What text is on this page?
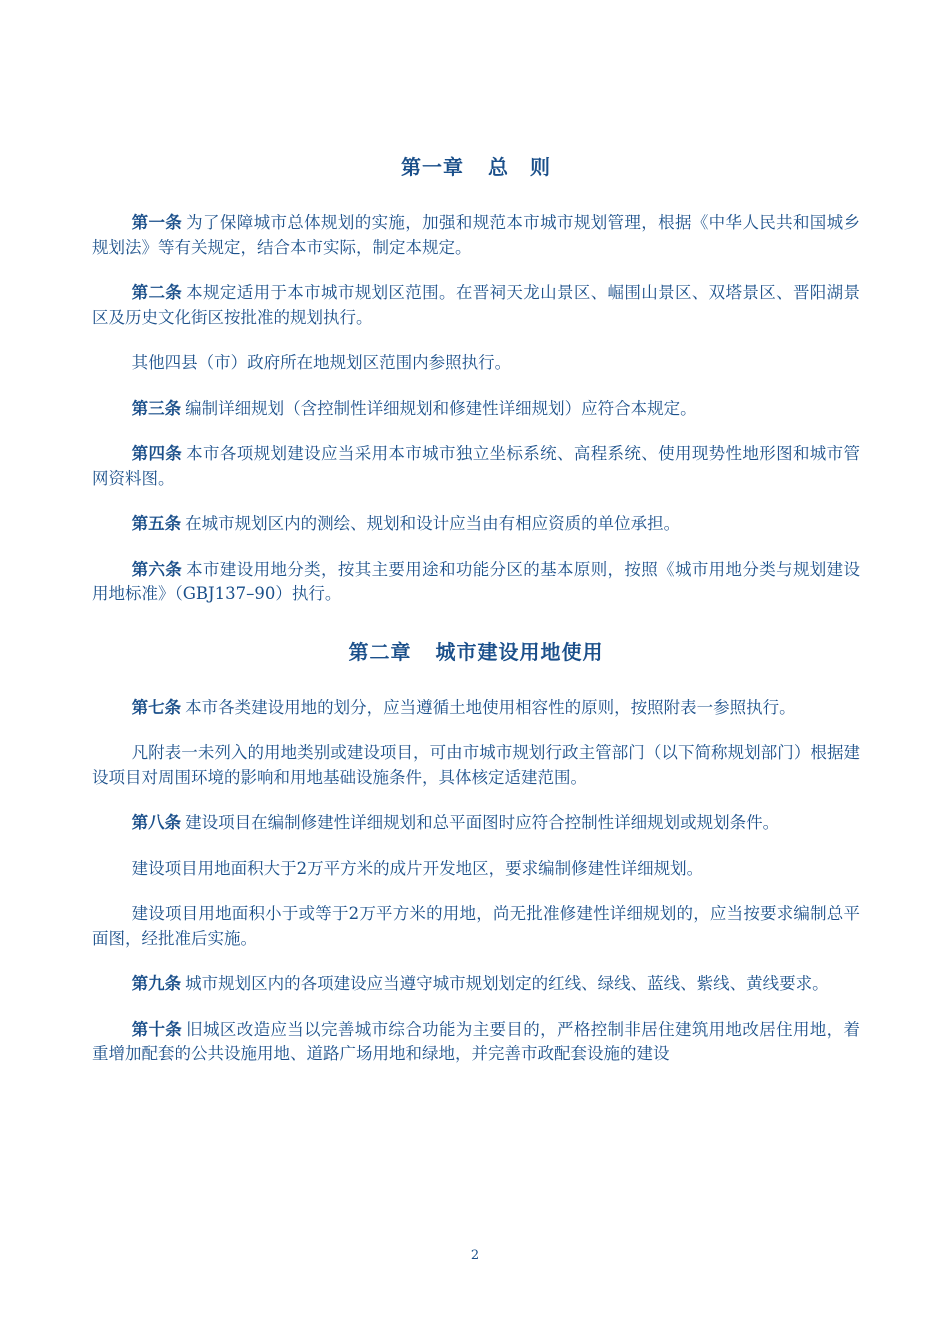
第一章 总　则

第一条 为了保障城市总体规划的实施，加强和规范本市城市规划管理，根据《中华人民共和国城乡规划法》等有关规定，结合本市实际，制定本规定。

第二条 本规定适用于本市城市规划区范围。在晋祠天龙山景区、崛围山景区、双塔景区、晋阳湖景区及历史文化街区按批准的规划执行。

其他四县（市）政府所在地规划区范围内参照执行。

第三条 编制详细规划（含控制性详细规划和修建性详细规划）应符合本规定。

第四条 本市各项规划建设应当采用本市城市独立坐标系统、高程系统、使用现势性地形图和城市管网资料图。

第五条 在城市规划区内的测绘、规划和设计应当由有相应资质的单位承担。

第六条 本市建设用地分类，按其主要用途和功能分区的基本原则，按照《城市用地分类与规划建设用地标准》（GBJ137–90）执行。

第二章 城市建设用地使用

第七条 本市各类建设用地的划分，应当遵循土地使用相容性的原则，按照附表一参照执行。

凡附表一未列入的用地类别或建设项目，可由市城市规划行政主管部门（以下简称规划部门）根据建设项目对周围环境的影响和用地基础设施条件，具体核定适建范围。

第八条 建设项目在编制修建性详细规划和总平面图时应符合控制性详细规划或规划条件。

建设项目用地面积大于2万平方米的成片开发地区，要求编制修建性详细规划。

建设项目用地面积小于或等于2万平方米的用地，尚无批准修建性详细规划的，应当按要求编制总平面图，经批准后实施。

第九条 城市规划区内的各项建设应当遵守城市规划划定的红线、绿线、蓝线、紫线、黄线要求。

第十条 旧城区改造应当以完善城市综合功能为主要目的，严格控制非居住建筑用地改居住用地，着重增加配套的公共设施用地、道路广场用地和绿地，并完善市政配套设施的建设

2
